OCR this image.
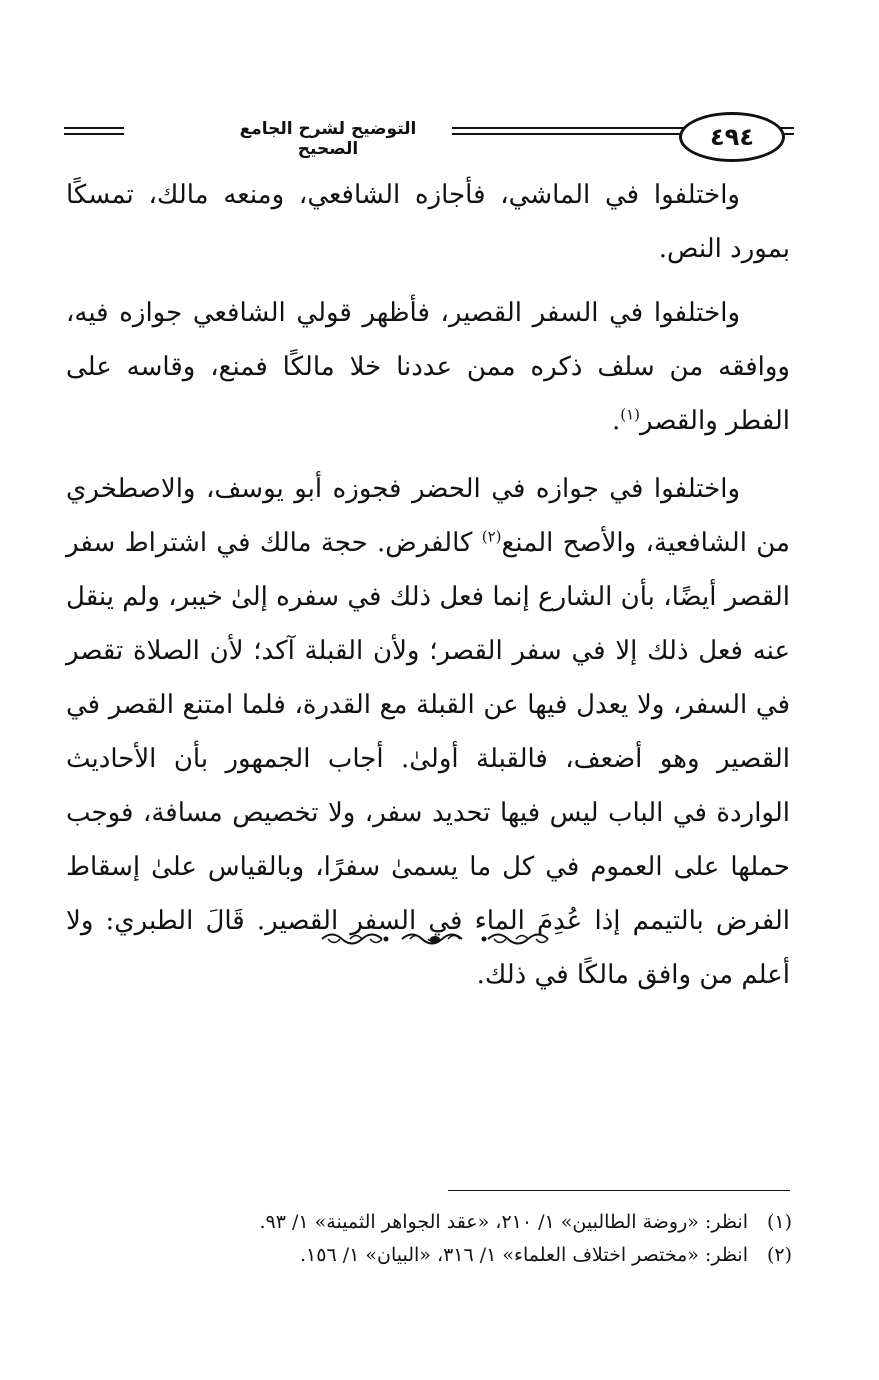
التوضيح لشرح الجامع الصحيح	٤٩٤

واختلفوا في الماشي، فأجازه الشافعي، ومنعه مالك، تمسكًا بمورد النص.

واختلفوا في السفر القصير، فأظهر قولي الشافعي جوازه فيه، ووافقه من سلف ذكره ممن عددنا خلا مالكًا فمنع، وقاسه على الفطر والقصر$^{(١)}$.

واختلفوا في جوازه في الحضر فجوزه أبو يوسف، والاصطخري من الشافعية، والأصح المنع$^{(٢)}$ كالفرض. حجة مالك في اشتراط سفر القصر أيضًا، بأن الشارع إنما فعل ذلك في سفره إلىٰ خيبر، ولم ينقل عنه فعل ذلك إلا في سفر القصر؛ ولأن القبلة آكد؛ لأن الصلاة تقصر في السفر، ولا يعدل فيها عن القبلة مع القدرة، فلما امتنع القصر في القصير وهو أضعف، فالقبلة أولىٰ. أجاب الجمهور بأن الأحاديث الواردة في الباب ليس فيها تحديد سفر، ولا تخصيص مسافة، فوجب حملها على العموم في كل ما يسمىٰ سفرًا، وبالقياس علىٰ إسقاط الفرض بالتيمم إذا عُدِمَ الماء في السفر القصير. قَالَ الطبري: ولا أعلم من وافق مالكًا في ذلك.

(١)انظر: «روضة الطالبين» ١/ ٢١٠، «عقد الجواهر الثمينة» ١/ ٩٣.

(٢)انظر: «مختصر اختلاف العلماء» ١/ ٣١٦، «البيان» ١/ ١٥٦.
